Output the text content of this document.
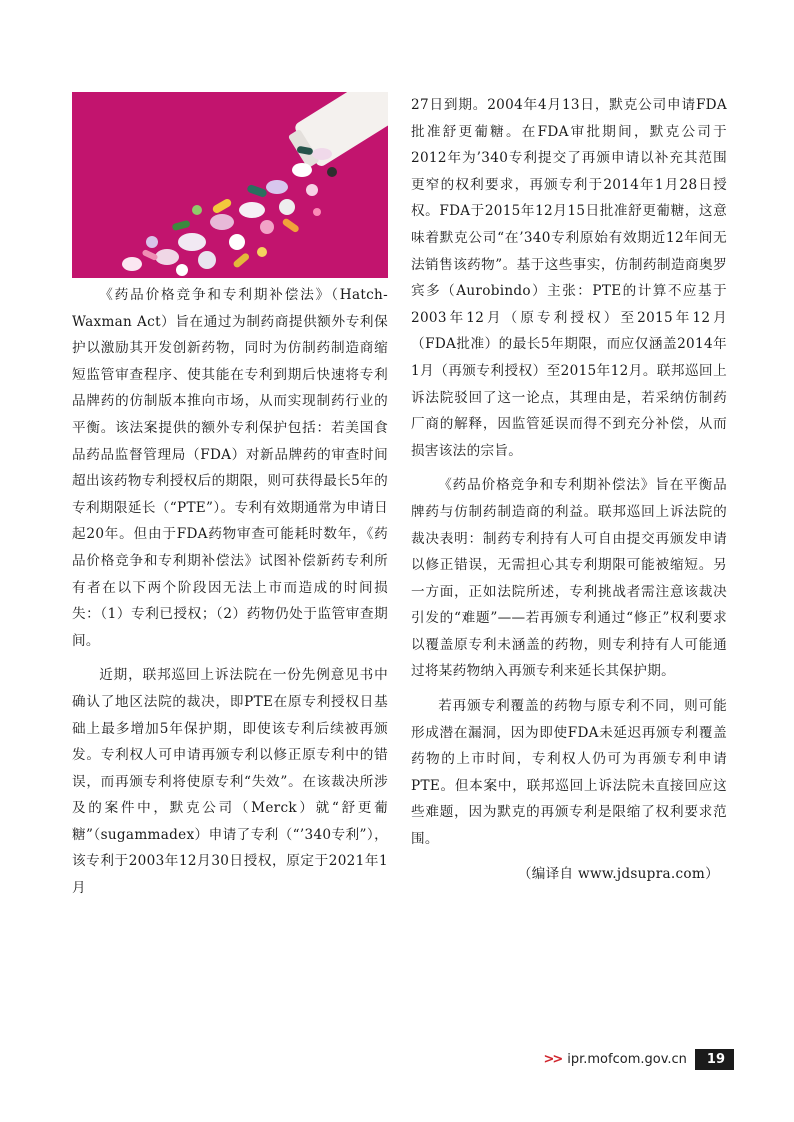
《药品价格竞争和专利期补偿法》（Hatch-Waxman Act）旨在通过为制药商提供额外专利保护以激励其开发创新药物，同时为仿制药制造商缩短监管审查程序、使其能在专利到期后快速将专利品牌药的仿制版本推向市场，从而实现制药行业的平衡。该法案提供的额外专利保护包括：若美国食品药品监督管理局（FDA）对新品牌药的审查时间超出该药物专利授权后的期限，则可获得最长5年的专利期限延长（“PTE”）。专利有效期通常为申请日起20年。但由于FDA药物审查可能耗时数年，《药品价格竞争和专利期补偿法》试图补偿新药专利所有者在以下两个阶段因无法上市而造成的时间损失：（1）专利已授权；（2）药物仍处于监管审查期间。

近期，联邦巡回上诉法院在一份先例意见书中确认了地区法院的裁决，即PTE在原专利授权日基础上最多增加5年保护期，即使该专利后续被再颁发。专利权人可申请再颁专利以修正原专利中的错误，而再颁专利将使原专利“失效”。在该裁决所涉及的案件中，默克公司（Merck）就“舒更葡糖”（sugammadex）申请了专利（“’340专利”），该专利于2003年12月30日授权，原定于2021年1月

27日到期。2004年4月13日，默克公司申请FDA批准舒更葡糖。在FDA审批期间，默克公司于2012年为’340专利提交了再颁申请以补充其范围更窄的权利要求，再颁专利于2014年1月28日授权。FDA于2015年12月15日批准舒更葡糖，这意味着默克公司“在’340专利原始有效期近12年间无法销售该药物”。基于这些事实，仿制药制造商奥罗宾多（Aurobindo）主张：PTE的计算不应基于2003年12月（原专利授权）至2015年12月（FDA批准）的最长5年期限，而应仅涵盖2014年1月（再颁专利授权）至2015年12月。联邦巡回上诉法院驳回了这一论点，其理由是，若采纳仿制药厂商的解释，因监管延误而得不到充分补偿，从而损害该法的宗旨。

《药品价格竞争和专利期补偿法》旨在平衡品牌药与仿制药制造商的利益。联邦巡回上诉法院的裁决表明：制药专利持有人可自由提交再颁发申请以修正错误，无需担心其专利期限可能被缩短。另一方面，正如法院所述，专利挑战者需注意该裁决引发的“难题”——若再颁专利通过“修正”权利要求以覆盖原专利未涵盖的药物，则专利持有人可能通过将某药物纳入再颁专利来延长其保护期。

若再颁专利覆盖的药物与原专利不同，则可能形成潜在漏洞，因为即使FDA未延迟再颁专利覆盖药物的上市时间，专利权人仍可为再颁专利申请PTE。但本案中，联邦巡回上诉法院未直接回应这些难题，因为默克的再颁专利是限缩了权利要求范围。

（编译自 www.jdsupra.com）

>> ipr.mofcom.gov.cn	19
